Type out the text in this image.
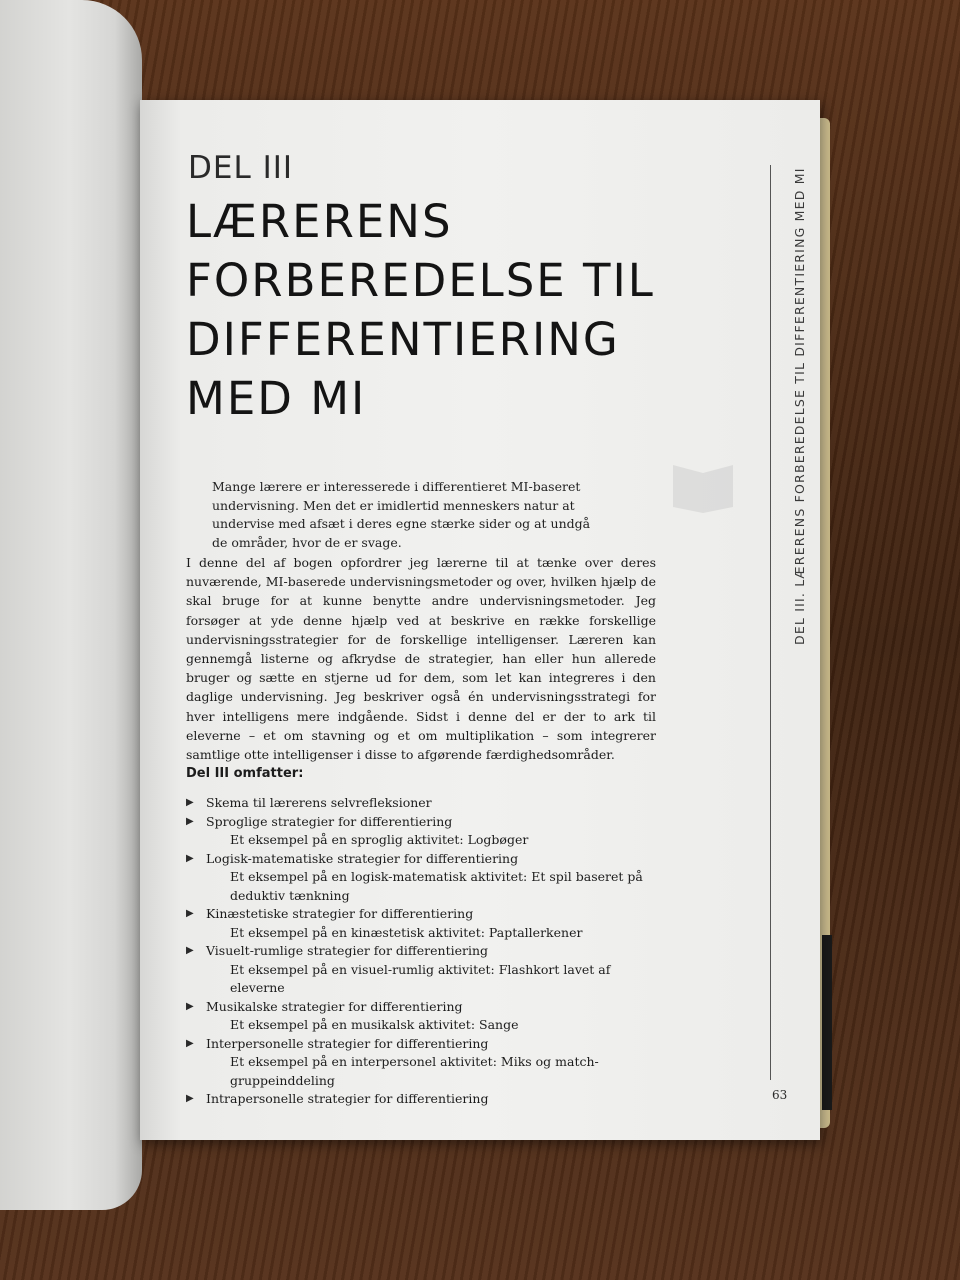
DEL III
LÆRERENS
FORBEREDELSE TIL
DIFFERENTIERING
MED MI

Mange lærere er interesserede i differentieret MI-baseret undervisning. Men det er imidlertid menneskers natur at undervise med afsæt i deres egne stærke sider og at undgå de områder, hvor de er svage.

I denne del af bogen opfordrer jeg lærerne til at tænke over deres nuværende, MI-baserede undervisningsmetoder og over, hvilken hjælp de skal bruge for at kunne benytte andre undervisningsmetoder. Jeg forsøger at yde denne hjælp ved at beskrive en række forskellige undervisningsstrategier for de forskellige intelligenser. Læreren kan gennemgå listerne og afkrydse de strategier, han eller hun allerede bruger og sætte en stjerne ud for dem, som let kan integreres i den daglige undervisning. Jeg beskriver også én undervisningsstrategi for hver intelligens mere indgående. Sidst i denne del er der to ark til eleverne – et om stavning og et om multiplikation – som integrerer samtlige otte intelligenser i disse to afgørende færdighedsområder.

Del III omfatter:
▶ Skema til lærerens selvrefleksioner
▶ Sproglige strategier for differentiering
Et eksempel på en sproglig aktivitet: Logbøger
▶ Logisk-matematiske strategier for differentiering
Et eksempel på en logisk-matematisk aktivitet: Et spil baseret på deduktiv tænkning
▶ Kinæstetiske strategier for differentiering
Et eksempel på en kinæstetisk aktivitet: Paptallerkener
▶ Visuelt-rumlige strategier for differentiering
Et eksempel på en visuel-rumlig aktivitet: Flashkort lavet af eleverne
▶ Musikalske strategier for differentiering
Et eksempel på en musikalsk aktivitet: Sange
▶ Interpersonelle strategier for differentiering
Et eksempel på en interpersonel aktivitet: Miks og match-gruppeinddeling
▶ Intrapersonelle strategier for differentiering
DEL III. LÆRERENS FORBEREDELSE TIL DIFFERENTIERING MED MI
63
